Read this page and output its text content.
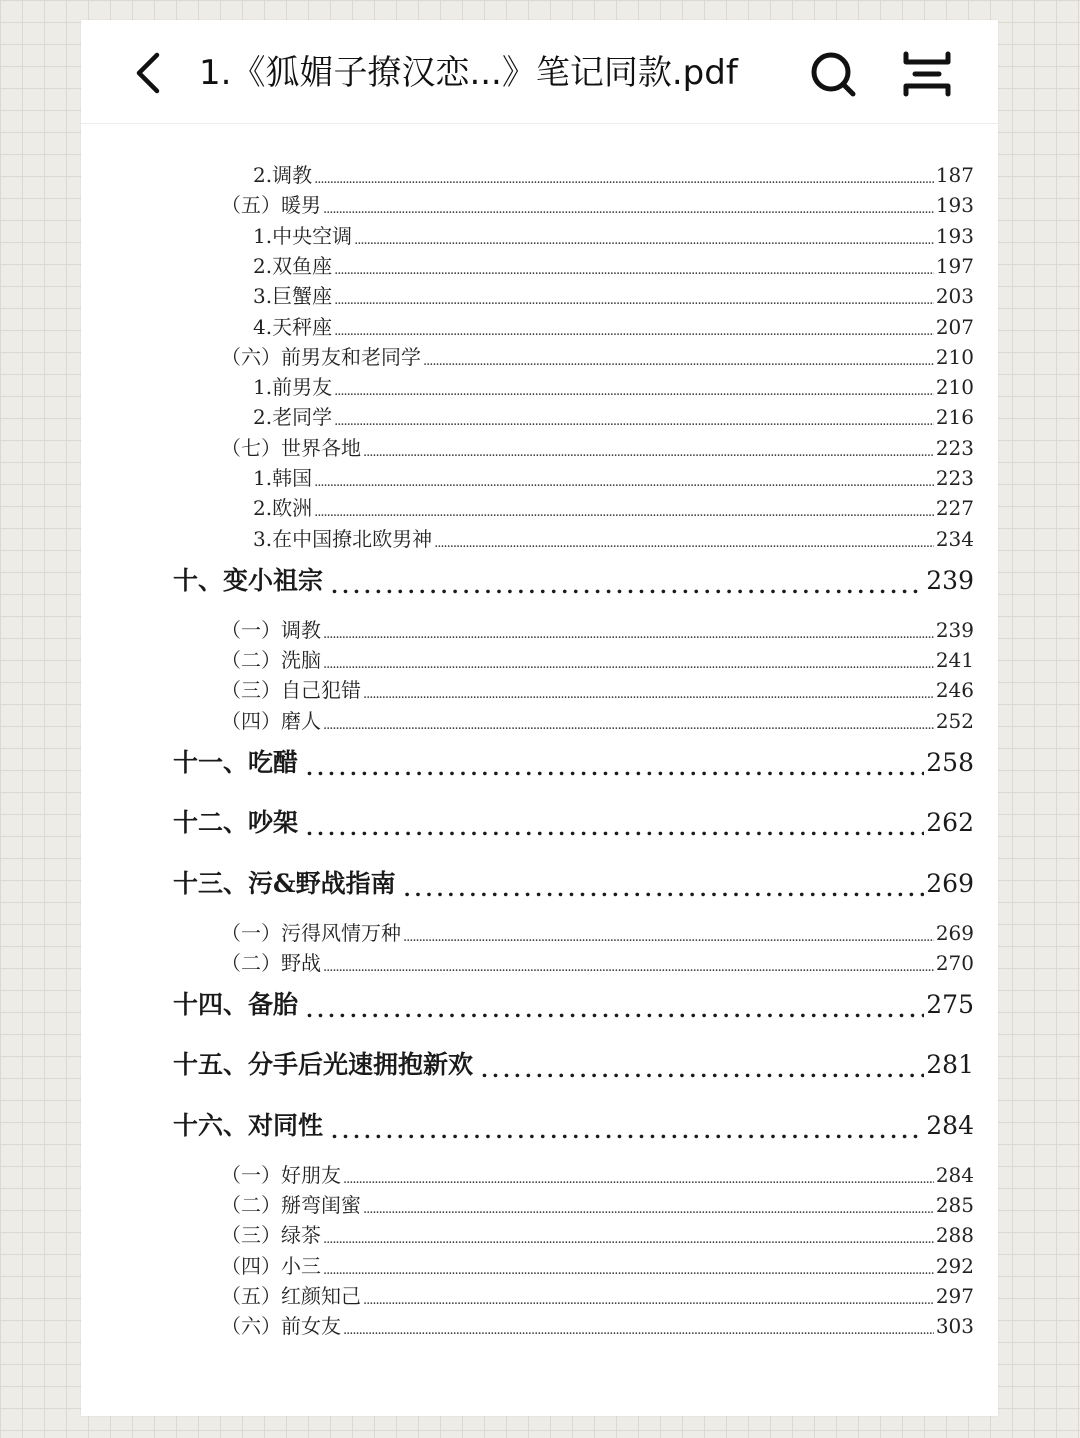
1.《狐媚子撩汉恋...》笔记同款.pdf
2.调教 .....	187
（五）暖男 .....	193
1.中央空调 .....	193
2.双鱼座 .....	197
3.巨蟹座 .....	203
4.天秤座 .....	207
（六）前男友和老同学 .....	210
1.前男友 .....	210
2.老同学 .....	216
（七）世界各地 .....	223
1.韩国 .....	223
2.欧洲 .....	227
3.在中国撩北欧男神 .....	234
十、变小祖宗 .....	239
（一）调教 .....	239
（二）洗脑 .....	241
（三）自己犯错 .....	246
（四）磨人 .....	252
十一、吃醋 .....	258
十二、吵架 .....	262
十三、污&野战指南 .....	269
（一）污得风情万种 .....	269
（二）野战 .....	270
十四、备胎 .....	275
十五、分手后光速拥抱新欢 .....	281
十六、对同性 .....	284
（一）好朋友 .....	284
（二）掰弯闺蜜 .....	285
（三）绿茶 .....	288
（四）小三 .....	292
（五）红颜知己 .....	297
（六）前女友 .....	303
